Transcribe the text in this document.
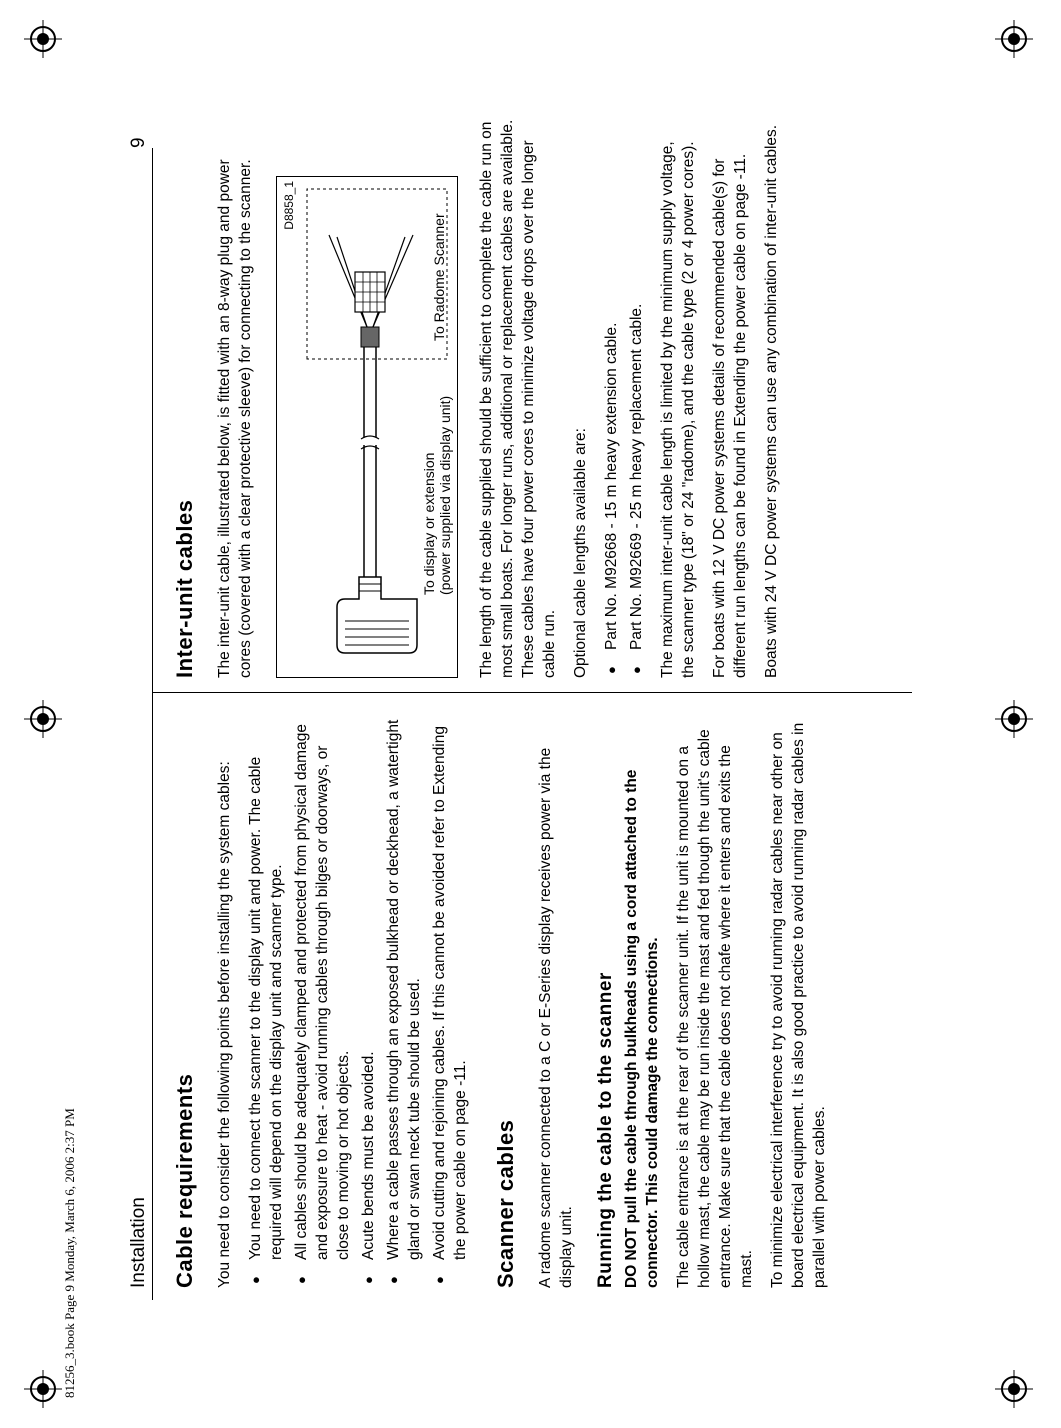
Installation
9
81256_3.book Page 9 Monday, March 6, 2006 2:37 PM	Cable requirements You need to consider the following points before installing the system cables: ● You need to connect the scanner to the display unit and power. The cable required will depend on the display unit and scanner type. ● All cables should be adequately clamped and protected from physical damage and exposure to heat - avoid running cables through bilges or doorways, or close to moving or hot objects. ● Acute bends must be avoided. ● Where a cable passes through an exposed bulkhead or deckhead, a watertight gland or swan neck tube should be used. ● Avoid cutting and rejoining cables. If this cannot be avoided refer to Extending the power cable on page -11. Scanner cables A radome scanner connected to a C or E-Series display receives power via the display unit. Running the cable to the scanner DO NOT pull the cable through bulkheads using a cord attached to the connector. This could damage the connections. The cable entrance is at the rear of the scanner unit. If the unit is mounted on a hollow mast, the cable may be run inside the mast and fed though the unit's cable entrance. Make sure that the cable does not chafe where it enters and exits the mast. To minimize electrical interference try to avoid running radar cables near other on board electrical equipment. It is also good practice to avoid running radar cables in parallel with power cables.

Inter-unit cables The inter-unit cable, illustrated below, is fitted with an 8-way plug and power cores (covered with a clear protective sleeve) for connecting to the scanner.	To display or extension (power supplied via display unit)
To Radome Scanner
D8858_1	The length of the cable supplied should be sufficient to complete the cable run on most small boats. For longer runs, additional or replacement cables are available. These cables have four power cores to minimize voltage drops over the longer cable run. Optional cable lengths available are: ● Part No. M92668 - 15 m heavy extension cable. ● Part No. M92669 - 25 m heavy replacement cable. The maximum inter-unit cable length is limited by the minimum supply voltage, the scanner type (18" or 24 "radome), and the cable type (2 or 4 power cores). For boats with 12 V DC power systems details of recommended cable(s) for different run lengths can be found in Extending the power cable on page -11. Boats with 24 V DC power systems can use any combination of inter-unit cables.
